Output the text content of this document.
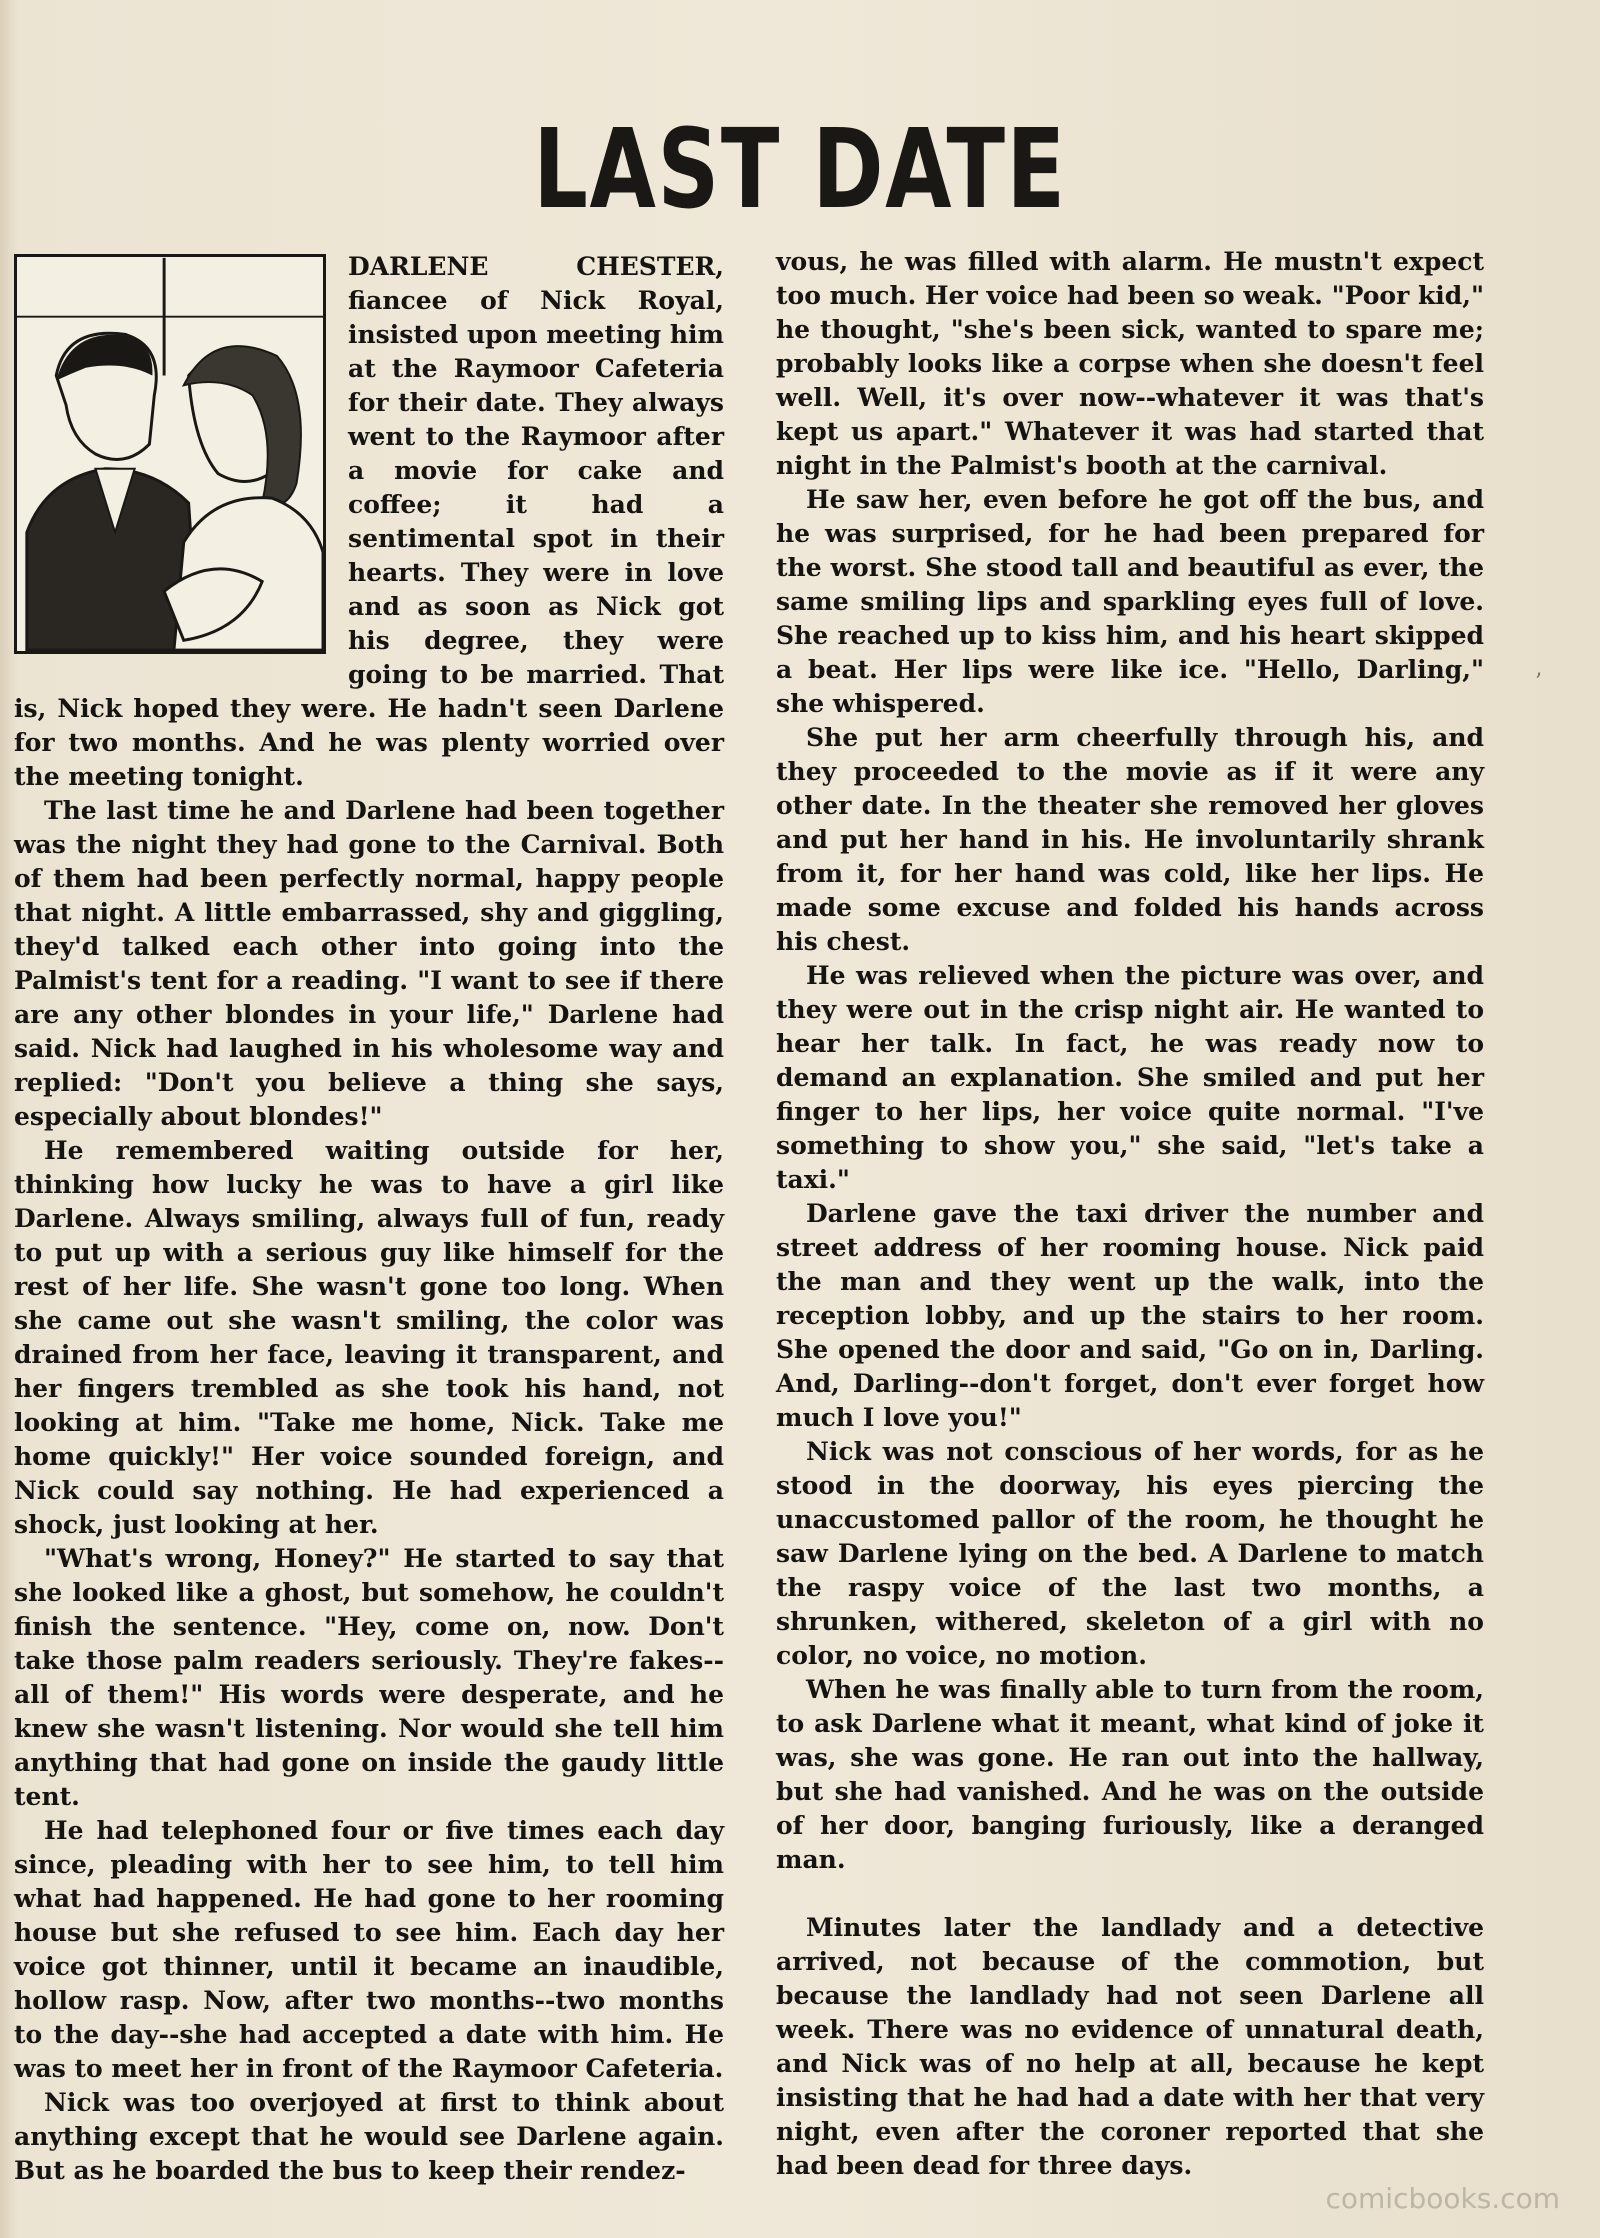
LAST DATE

DARLENE CHESTER, fiancee of Nick Royal, insisted upon meeting him at the Raymoor Cafeteria for their date. They always went to the Raymoor after a movie for cake and coffee; it had a sentimental spot in their hearts. They were in love and as soon as Nick got his degree, they were going to be married. That is, Nick hoped they were. He hadn't seen Darlene for two months. And he was plenty worried over the meeting tonight.

The last time he and Darlene had been together was the night they had gone to the Carnival. Both of them had been perfectly normal, happy people that night. A little embarrassed, shy and giggling, they'd talked each other into going into the Palmist's tent for a reading. "I want to see if there are any other blondes in your life," Darlene had said. Nick had laughed in his wholesome way and replied: "Don't you believe a thing she says, especially about blondes!"

He remembered waiting outside for her, thinking how lucky he was to have a girl like Darlene. Always smiling, always full of fun, ready to put up with a serious guy like himself for the rest of her life. She wasn't gone too long. When she came out she wasn't smiling, the color was drained from her face, leaving it transparent, and her fingers trembled as she took his hand, not looking at him. "Take me home, Nick. Take me home quickly!" Her voice sounded foreign, and Nick could say nothing. He had experienced a shock, just looking at her.

"What's wrong, Honey?" He started to say that she looked like a ghost, but somehow, he couldn't finish the sentence. "Hey, come on, now. Don't take those palm readers seriously. They're fakes--all of them!" His words were desperate, and he knew she wasn't listening. Nor would she tell him anything that had gone on inside the gaudy little tent.

He had telephoned four or five times each day since, pleading with her to see him, to tell him what had happened. He had gone to her rooming house but she refused to see him. Each day her voice got thinner, until it became an inaudible, hollow rasp. Now, after two months--two months to the day--she had accepted a date with him. He was to meet her in front of the Raymoor Cafeteria.

Nick was too overjoyed at first to think about anything except that he would see Darlene again. But as he boarded the bus to keep their rendez-

vous, he was filled with alarm. He mustn't expect too much. Her voice had been so weak. "Poor kid," he thought, "she's been sick, wanted to spare me; probably looks like a corpse when she doesn't feel well. Well, it's over now--whatever it was that's kept us apart." Whatever it was had started that night in the Palmist's booth at the carnival.

He saw her, even before he got off the bus, and he was surprised, for he had been prepared for the worst. She stood tall and beautiful as ever, the same smiling lips and sparkling eyes full of love. She reached up to kiss him, and his heart skipped a beat. Her lips were like ice. "Hello, Darling," she whispered.

She put her arm cheerfully through his, and they proceeded to the movie as if it were any other date. In the theater she removed her gloves and put her hand in his. He involuntarily shrank from it, for her hand was cold, like her lips. He made some excuse and folded his hands across his chest.

He was relieved when the picture was over, and they were out in the crisp night air. He wanted to hear her talk. In fact, he was ready now to demand an explanation. She smiled and put her finger to her lips, her voice quite normal. "I've something to show you," she said, "let's take a taxi."

Darlene gave the taxi driver the number and street address of her rooming house. Nick paid the man and they went up the walk, into the reception lobby, and up the stairs to her room. She opened the door and said, "Go on in, Darling. And, Darling--don't forget, don't ever forget how much I love you!"

Nick was not conscious of her words, for as he stood in the doorway, his eyes piercing the unaccustomed pallor of the room, he thought he saw Darlene lying on the bed. A Darlene to match the raspy voice of the last two months, a shrunken, withered, skeleton of a girl with no color, no voice, no motion.

When he was finally able to turn from the room, to ask Darlene what it meant, what kind of joke it was, she was gone. He ran out into the hallway, but she had vanished. And he was on the outside of her door, banging furiously, like a deranged man.

Minutes later the landlady and a detective arrived, not because of the commotion, but because the landlady had not seen Darlene all week. There was no evidence of unnatural death, and Nick was of no help at all, because he kept insisting that he had had a date with her that very night, even after the coroner reported that she had been dead for three days.

’
comicbooks.com
